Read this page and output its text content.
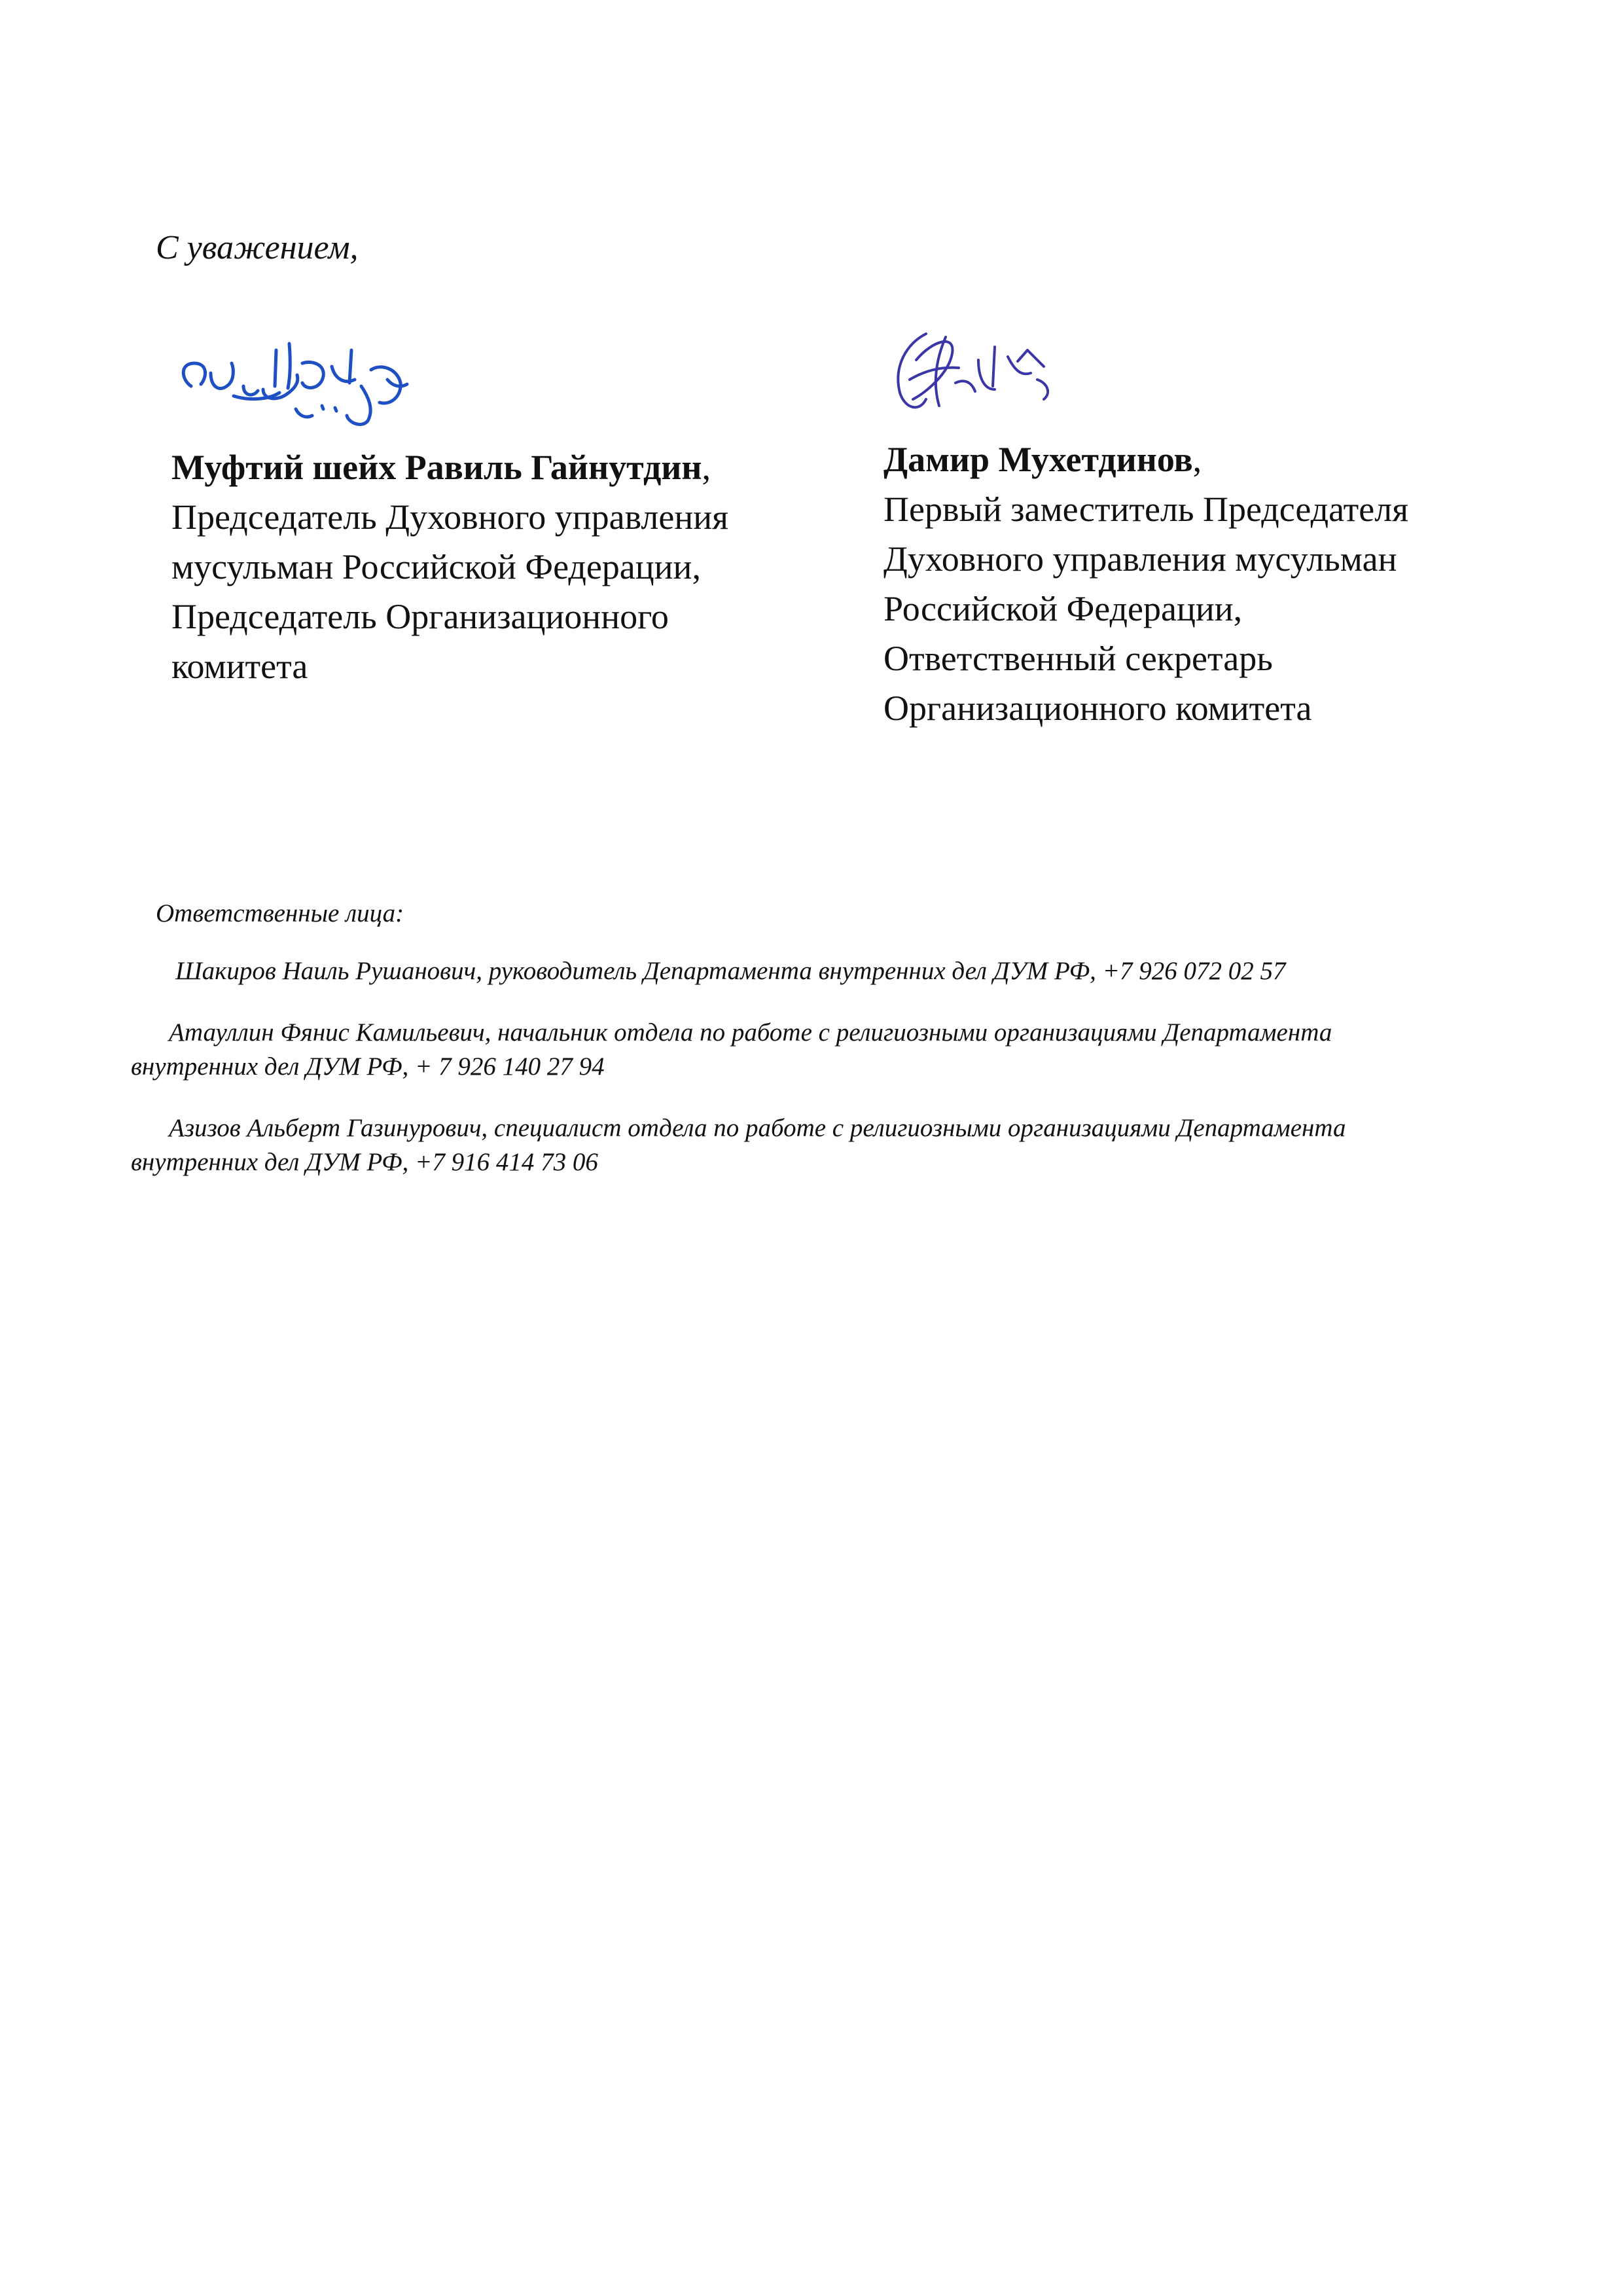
С уважением,
Муфтий шейх Равиль Гайнутдин,
Председатель Духовного управления
мусульман Российской Федерации,
Председатель Организационного
комитета
Дамир Мухетдинов,
Первый заместитель Председателя
Духовного управления мусульман
Российской Федерации,
Ответственный секретарь
Организационного комитета
Ответственные лица:
Шакиров Наиль Рушанович, руководитель Департамента внутренних дел ДУМ РФ, +7 926 072 02 57
Атауллин Фянис Камильевич, начальник отдела по работе с религиозными организациями Департамента
внутренних дел ДУМ РФ, + 7 926 140 27 94
Азизов Альберт Газинурович, специалист отдела по работе с религиозными организациями Департамента
внутренних дел ДУМ РФ, +7 916 414 73 06
